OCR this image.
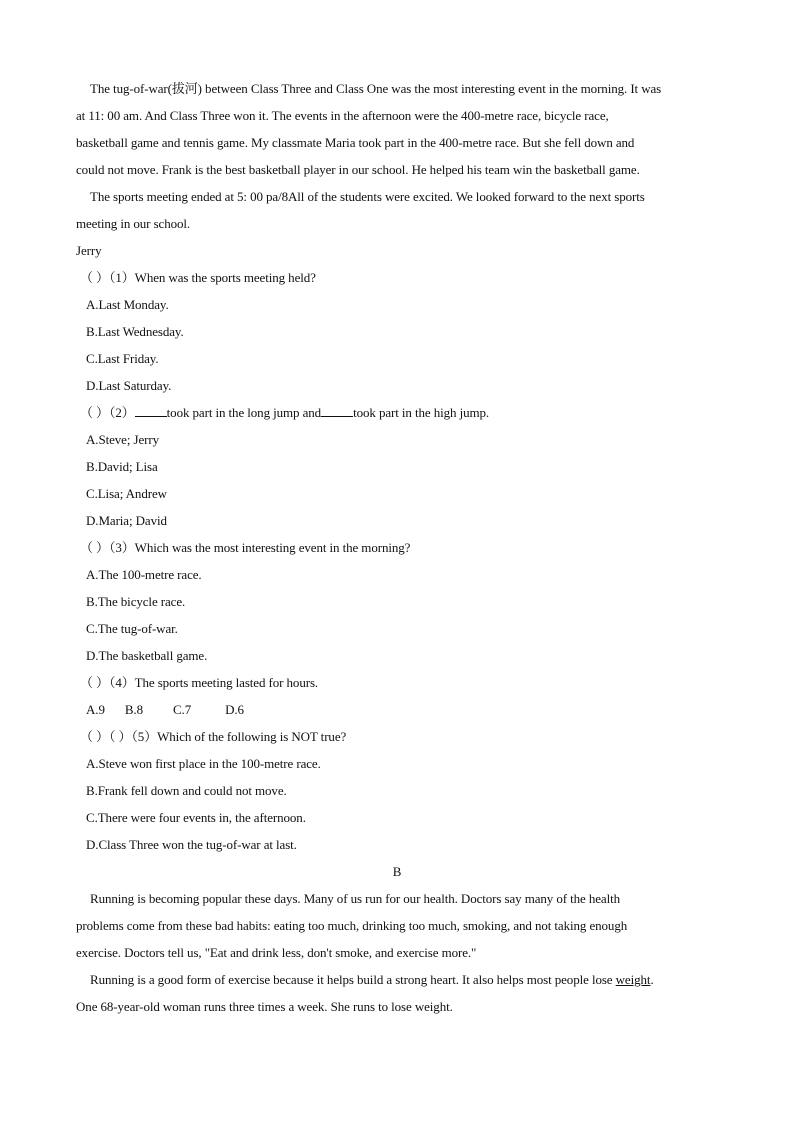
The tug-of-war(拔河) between Class Three and Class One was the most interesting event in the morning. It was
at 11: 00 am. And Class Three won it. The events in the afternoon were the 400-metre race, bicycle race,
basketball game and tennis game. My classmate Maria took part in the 400-metre race. But she fell down and
could not move. Frank is the best basketball player in our school. He helped his team win the basketball game.
The sports meeting ended at 5: 00 pa/8All of the students were excited. We looked forward to the next sports
meeting in our school.
Jerry
（ ）（1）When was the sports meeting held?
A.Last Monday.
B.Last Wednesday.
C.Last Friday.
D.Last Saturday.
（ ）（2） took part in the long jump and took part in the high jump.
A.Steve; Jerry
B.David; Lisa
C.Lisa; Andrew
D.Maria; David
（ ）（3）Which was the most interesting event in the morning?
A.The 100-metre race.
B.The bicycle race.
C.The tug-of-war.
D.The basketball game.
（ ）（4）The sports meeting lasted for hours.
A.9 B.8 C.7	D.6
（ ）（ ）（5）Which of the following is NOT true?
A.Steve won first place in the 100-metre race.
B.Frank fell down and could not move.
C.There were four events in, the afternoon.
D.Class Three won the tug-of-war at last.
B
Running is becoming popular these days. Many of us run for our health. Doctors say many of the health
problems come from these bad habits: eating too much, drinking too much, smoking, and not taking enough
exercise. Doctors tell us, "Eat and drink less, don't smoke, and exercise more."
Running is a good form of exercise because it helps build a strong heart. It also helps most people lose weight.
One 68-year-old woman runs three times a week. She runs to lose weight.
